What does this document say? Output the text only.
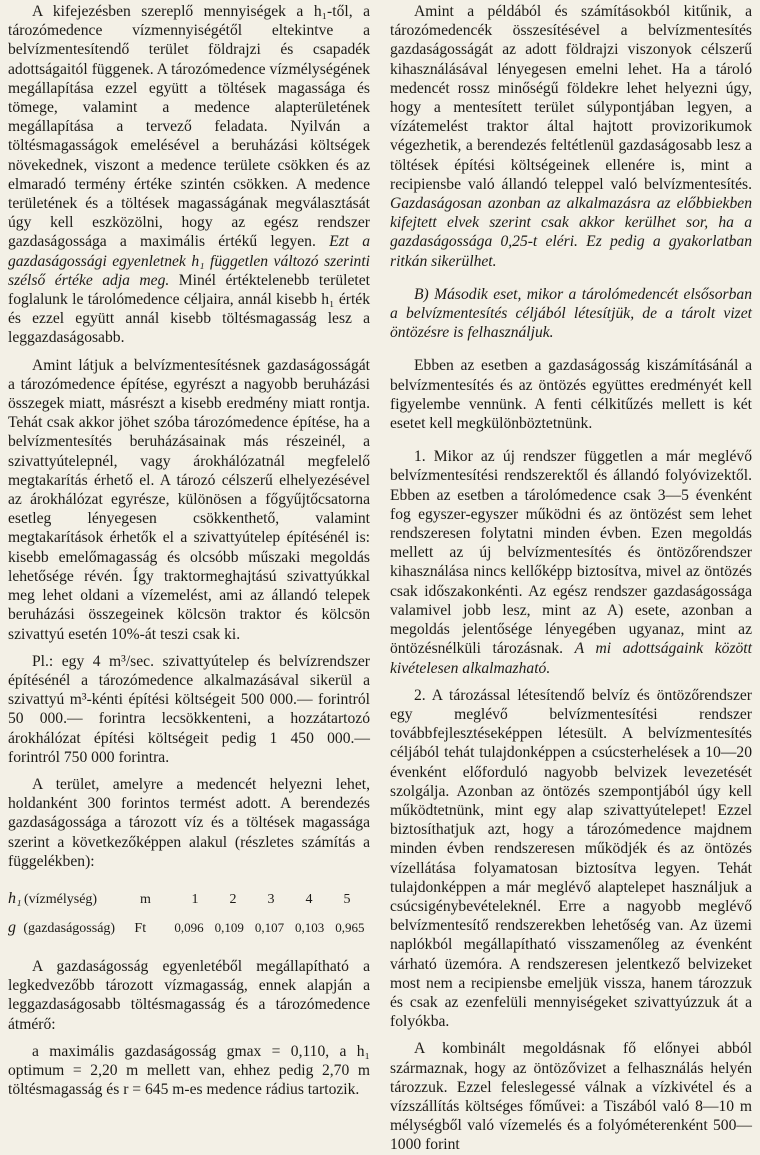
A kifejezésben szereplő mennyiségek a h₁-től, a tározómedence vízmennyiségétől eltekintve a belvízmentesítendő terület földrajzi és csapadék adottságaitól függenek. A tározómedence vízmélységének megállapítása ezzel együtt a töltések magassága és tömege, valamint a medence alapterületének megállapítása a tervező feladata. Nyilván a töltésmagasságok emelésével a beruházási költségek növekednek, viszont a medence területe csökken és az elmaradó termény értéke szintén csökken. A medence területének és a töltések magasságának megválasztását úgy kell eszközölni, hogy az egész rendszer gazdaságossága a maximális értékű legyen. Ezt a gazdaságossági egyenletnek h₁ független változó szerinti szélső értéke adja meg. Minél értéktelenebb területet foglalunk le tárolómedence céljaira, annál kisebb h₁ érték és ezzel együtt annál kisebb töltésmagasság lesz a leggazdaságosabb.

Amint látjuk a belvízmentesítésnek gazdaságosságát a tározómedence építése, egyrészt a nagyobb beruházási összegek miatt, másrészt a kisebb eredmény miatt rontja. Tehát csak akkor jöhet szóba tározómedence építése, ha a belvízmentesítés beruházásainak más részeinél, a szivattyútelepnél, vagy árokhálózatnál megfelelő megtakarítás érhető el. A tározó célszerű elhelyezésével az árokhálózat egyrésze, különösen a főgyűjtőcsatorna esetleg lényegesen csökkenthető, valamint megtakarítások érhetők el a szivattyútelep építésénél is: kisebb emelőmagasság és olcsóbb műszaki megoldás lehetősége révén. Így traktormeghajtású szivattyúkkal meg lehet oldani a vízemelést, ami az állandó telepek beruházási összegeinek kölcsön traktor és kölcsön szivattyú esetén 10%-át teszi csak ki.

Pl.: egy 4 m³/sec. szivattyútelep és belvízrendszer építésénél a tározómedence alkalmazásával sikerül a szivattyú m³-kénti építési költségeit 500 000.— forintról 50 000.— forintra lecsökkenteni, a hozzátartozó árokhálózat építési költségeit pedig 1 450 000.— forintról 750 000 forintra.

A terület, amelyre a medencét helyezni lehet, holdanként 300 forintos termést adott. A berendezés gazdaságossága a tározott víz és a töltések magassága szerint a következőképpen alakul (részletes számítás a függelékben):

h₁ (vízmélység)	m	1	2	3	4	5
g (gazdaságosság)	Ft	0,096 0,109 0,107 0,103 0,965

A gazdaságosság egyenletéből megállapítható a legkedvezőbb tározott vízmagasság, ennek alapján a leggazdaságosabb töltésmagasság és a tározómedence átmérő:

a maximális gazdaságosság gmax = 0,110, a h₁ optimum = 2,20 m mellett van, ehhez pedig 2,70 m töltésmagasság és r = 645 m-es medence rádius tartozik.

Amint a példából és számításokból kitűnik, a tározómedencék összesítésével a belvízmentesítés gazdaságosságát az adott földrajzi viszonyok célszerű kihasználásával lényegesen emelni lehet. Ha a tároló medencét rossz minőségű földekre lehet helyezni úgy, hogy a mentesített terület súlypontjában legyen, a vízátemelést traktor által hajtott provizorikumok végezhetik, a berendezés feltétlenül gazdaságosabb lesz a töltések építési költségeinek ellenére is, mint a recipiensbe való állandó teleppel való belvízmentesítés. Gazdaságosan azonban az alkalmazásra az előbbiekben kifejtett elvek szerint csak akkor kerülhet sor, ha a gazdaságossága 0,25-t eléri. Ez pedig a gyakorlatban ritkán sikerülhet.

B) Második eset, mikor a tárolómedencét elsősorban a belvízmentesítés céljából létesítjük, de a tárolt vizet öntözésre is felhasználjuk.

Ebben az esetben a gazdaságosság kiszámításánál a belvízmentesítés és az öntözés együttes eredményét kell figyelembe vennünk. A fenti célkitűzés mellett is két esetet kell megkülönböztetnünk.

1. Mikor az új rendszer független a már meglévő belvízmentesítési rendszerektől és állandó folyóvizektől. Ebben az esetben a tárolómedence csak 3—5 évenként fog egyszer-egyszer működni és az öntözést sem lehet rendszeresen folytatni minden évben. Ezen megoldás mellett az új belvízmentesítés és öntözőrendszer kihasználása nincs kellőképp biztosítva, mivel az öntözés csak időszakonkénti. Az egész rendszer gazdaságossága valamivel jobb lesz, mint az A) esete, azonban a megoldás jelentősége lényegében ugyanaz, mint az öntözésnélküli tározásnak. A mi adottságaink között kivételesen alkalmazható.

2. A tározással létesítendő belvíz és öntözőrendszer egy meglévő belvízmentesítési rendszer továbbfejlesztéseképpen létesült. A belvízmentesítés céljából tehát tulajdonképpen a csúcsterhelések a 10—20 évenként előforduló nagyobb belvizek levezetését szolgálja. Azonban az öntözés szempontjából úgy kell működtetnünk, mint egy alap szivattyútelepet! Ezzel biztosíthatjuk azt, hogy a tározómedence majdnem minden évben rendszeresen működjék és az öntözés vízellátása folyamatosan biztosítva legyen. Tehát tulajdonképpen a már meglévő alaptelepet használjuk a csúcsigénybevételeknél. Erre a nagyobb meglévő belvízmentesítő rendszerekben lehetőség van. Az üzemi naplókból megállapítható visszamenőleg az évenként várható üzemóra. A rendszeresen jelentkező belvizeket most nem a recipiensbe emeljük vissza, hanem tározzuk és csak az ezenfelüli mennyiségeket szivattyúzzuk át a folyókba.

A kombinált megoldásnak fő előnyei abból származnak, hogy az öntözővizet a felhasználás helyén tározzuk. Ezzel feleslegessé válnak a vízkivétel és a vízszállítás költséges főművei: a Tiszából való 8—10 m mélységből való vízemelés és a folyóméterenként 500—1000 forint
